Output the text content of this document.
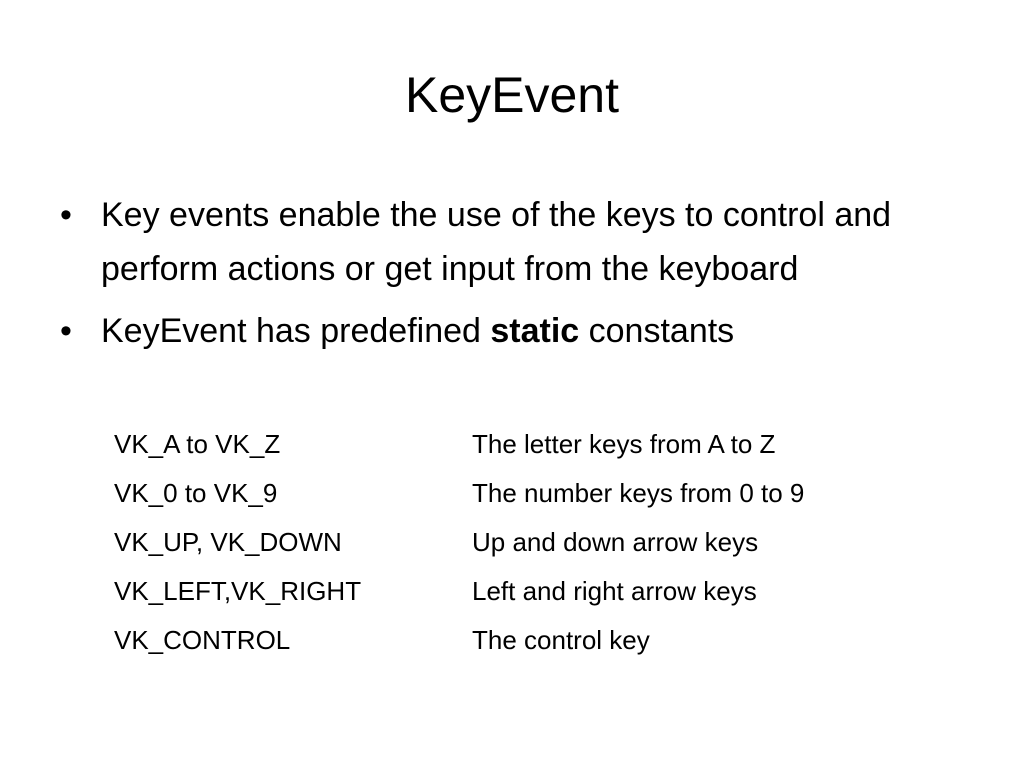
KeyEvent
• Key events enable the use of the keys to control and perform actions or get input from the keyboard
• KeyEvent has predefined static constants
VK_A to VK_Z	The letter keys from A to Z
VK_0 to VK_9	The number keys from 0 to 9
VK_UP, VK_DOWN	Up and down arrow keys
VK_LEFT,VK_RIGHT	Left and right arrow keys
VK_CONTROL	The control key
